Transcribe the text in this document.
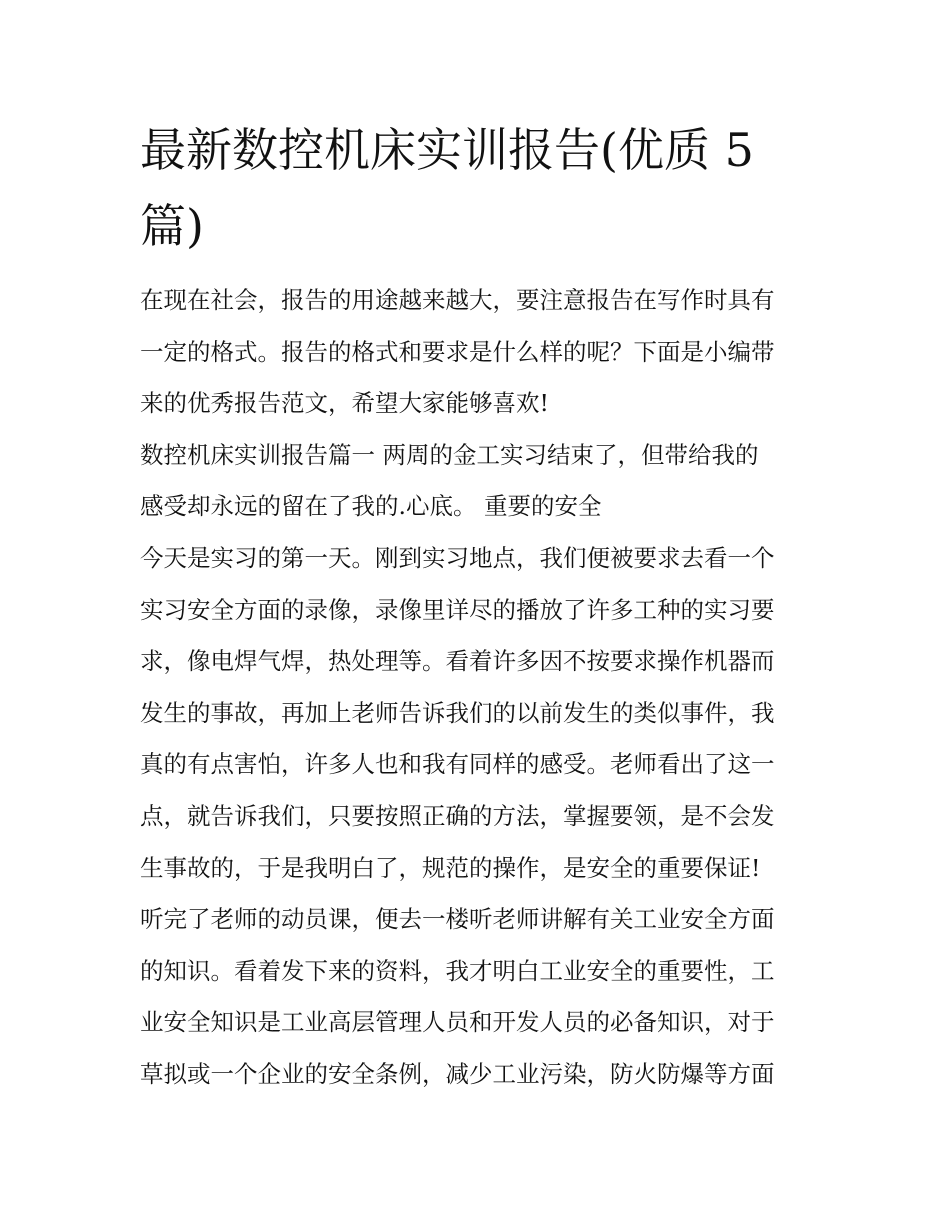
最新数控机床实训报告(优质 5
篇)
在现在社会，报告的用途越来越大，要注意报告在写作时具有
一定的格式。报告的格式和要求是什么样的呢？下面是小编带
来的优秀报告范文，希望大家能够喜欢!
数控机床实训报告篇一 两周的金工实习结束了，但带给我的
感受却永远的留在了我的.心底。 重要的安全
今天是实习的第一天。刚到实习地点，我们便被要求去看一个
实习安全方面的录像，录像里详尽的播放了许多工种的实习要
求，像电焊气焊，热处理等。看着许多因不按要求操作机器而
发生的事故，再加上老师告诉我们的以前发生的类似事件，我
真的有点害怕，许多人也和我有同样的感受。老师看出了这一
点，就告诉我们，只要按照正确的方法，掌握要领，是不会发
生事故的，于是我明白了，规范的操作，是安全的重要保证!
听完了老师的动员课，便去一楼听老师讲解有关工业安全方面
的知识。看着发下来的资料，我才明白工业安全的重要性，工
业安全知识是工业高层管理人员和开发人员的必备知识，对于
草拟或一个企业的安全条例，减少工业污染，防火防爆等方面
